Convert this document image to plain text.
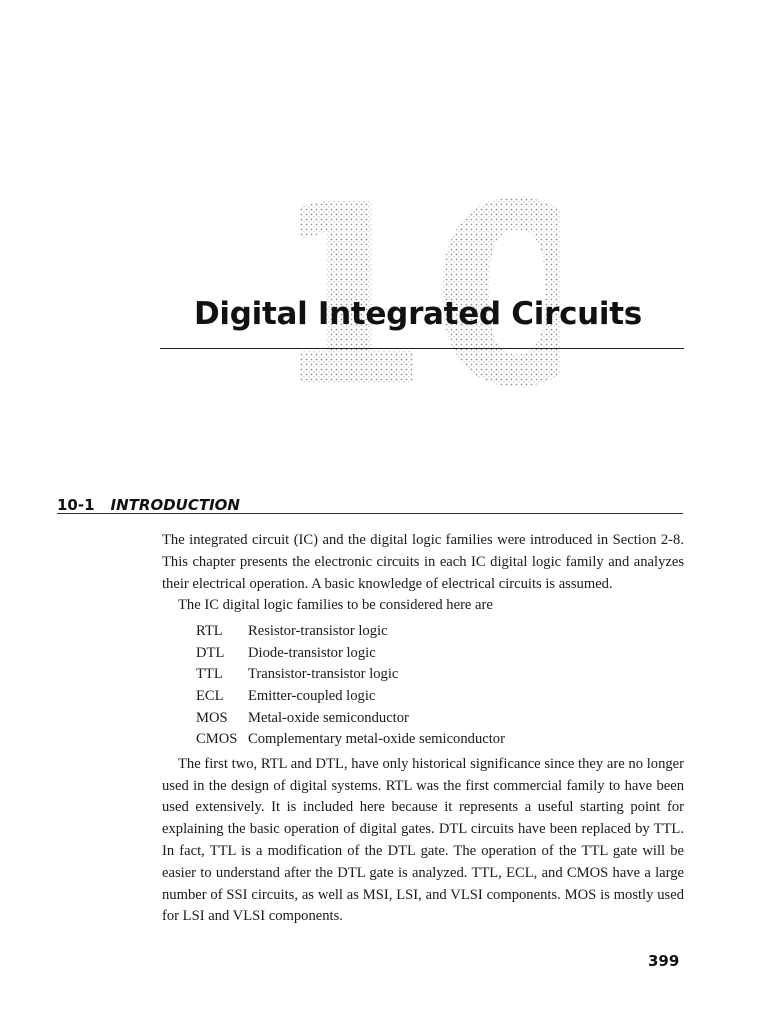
10
Digital Integrated Circuits
10-1 INTRODUCTION

The integrated circuit (IC) and the digital logic families were introduced in Section 2-8. This chapter presents the electronic circuits in each IC digital logic family and analyzes their electrical operation. A basic knowledge of electrical circuits is assumed.

The IC digital logic families to be considered here are

RTL	Resistor-transistor logic
DTL	Diode-transistor logic
TTL	Transistor-transistor logic
ECL	Emitter-coupled logic
MOS	Metal-oxide semiconductor
CMOS Complementary metal-oxide semiconductor

The first two, RTL and DTL, have only historical significance since they are no longer used in the design of digital systems. RTL was the first commercial family to have been used extensively. It is included here because it represents a useful starting point for explaining the basic operation of digital gates. DTL circuits have been replaced by TTL. In fact, TTL is a modification of the DTL gate. The operation of the TTL gate will be easier to understand after the DTL gate is analyzed. TTL, ECL, and CMOS have a large number of SSI circuits, as well as MSI, LSI, and VLSI components. MOS is mostly used for LSI and VLSI components.

399
